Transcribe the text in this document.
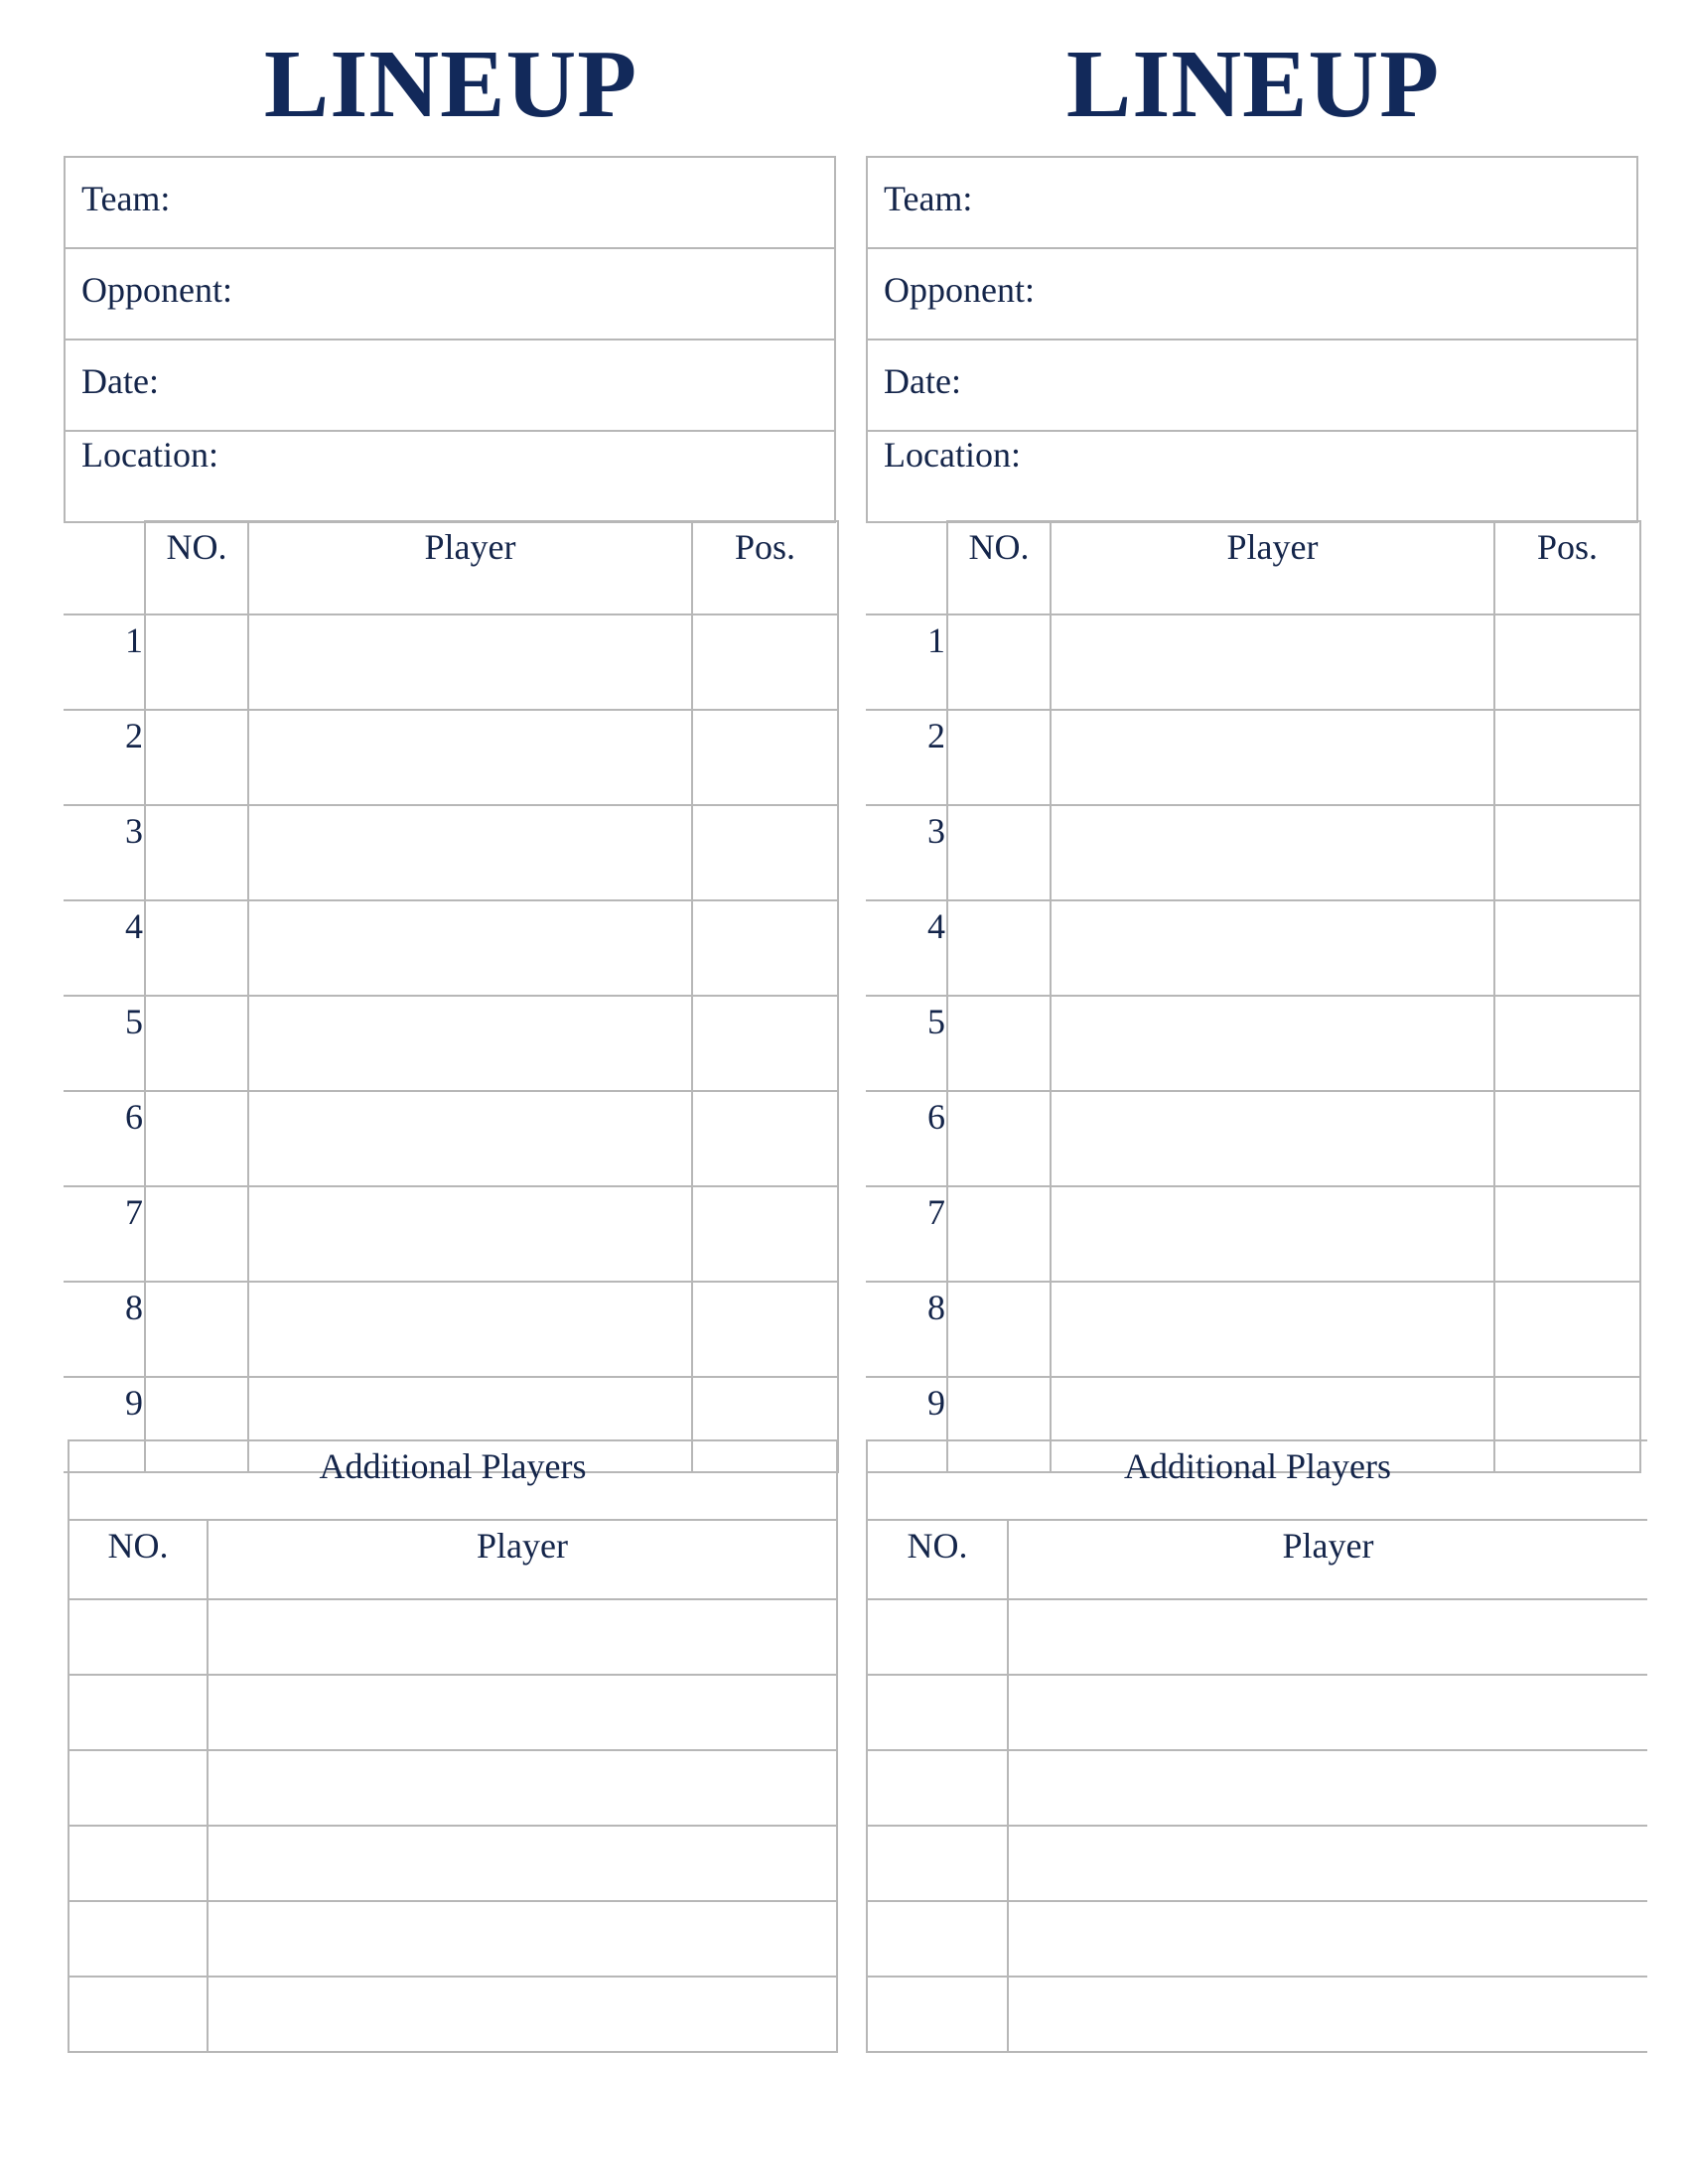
LINEUP
Team:
Opponent:
Date:
Location:
	NO.	Player	Pos.
1			
2			
3			
4			
5			
6			
7			
8			
9			
Additional Players	
NO.	Player

LINEUP
Team:
Opponent:
Date:
Location:
	NO.	Player	Pos.
1			
2			
3			
4			
5			
6			
7			
8			
9			
Additional Players	
NO.	Player
